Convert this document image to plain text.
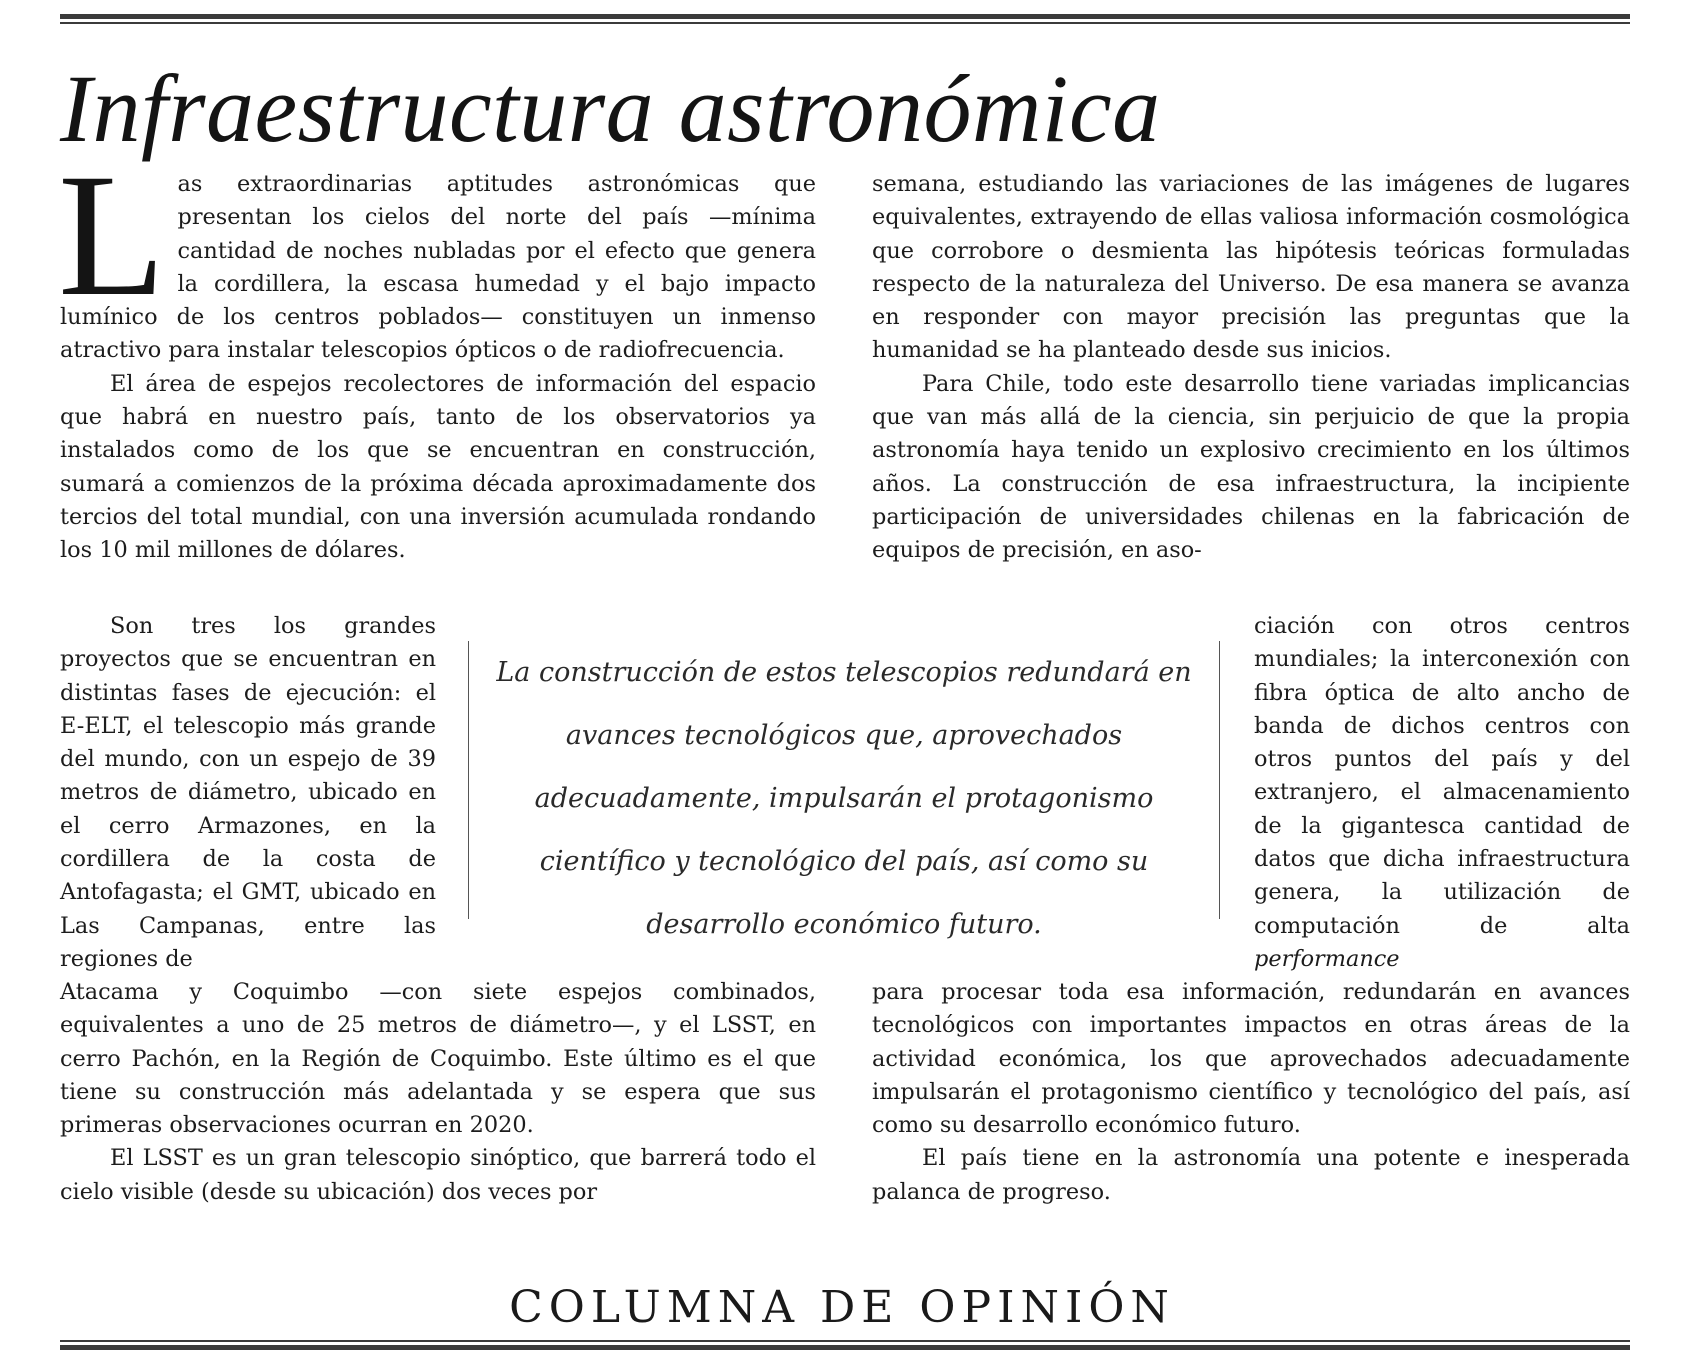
Infraestructura astronómica

Las extraordinarias aptitudes astronómicas que presentan los cielos del norte del país —mínima cantidad de noches nubladas por el efecto que genera la cordillera, la escasa humedad y el bajo impacto lumínico de los centros poblados— constituyen un inmenso atractivo para instalar telescopios ópticos o de radiofrecuencia.

El área de espejos recolectores de información del espacio que habrá en nuestro país, tanto de los observatorios ya instalados como de los que se encuentran en construcción, sumará a comienzos de la próxima década aproximadamente dos tercios del total mundial, con una inversión acumulada rondando los 10 mil millones de dólares.

Son tres los grandes proyectos que se encuentran en distintas fases de ejecución: el E-ELT, el telescopio más grande del mundo, con un espejo de 39 metros de diámetro, ubicado en el cerro Armazones, en la cordillera de la costa de Antofagasta; el GMT, ubicado en Las Campanas, entre las regiones de

Atacama y Coquimbo —con siete espejos combinados, equivalentes a uno de 25 metros de diámetro—, y el LSST, en cerro Pachón, en la Región de Coquimbo. Este último es el que tiene su construcción más adelantada y se espera que sus primeras observaciones ocurran en 2020.

El LSST es un gran telescopio sinóptico, que barrerá todo el cielo visible (desde su ubicación) dos veces por

semana, estudiando las variaciones de las imágenes de lugares equivalentes, extrayendo de ellas valiosa información cosmológica que corrobore o desmienta las hipótesis teóricas formuladas respecto de la naturaleza del Universo. De esa manera se avanza en responder con mayor precisión las preguntas que la humanidad se ha planteado desde sus inicios.

Para Chile, todo este desarrollo tiene variadas implicancias que van más allá de la ciencia, sin perjuicio de que la propia astronomía haya tenido un explosivo crecimiento en los últimos años. La construcción de esa infraestructura, la incipiente participación de universidades chilenas en la fabricación de equipos de precisión, en aso-

ciación con otros centros mundiales; la interconexión con fibra óptica de alto ancho de banda de dichos centros con otros puntos del país y del extranjero, el almacenamiento de la gigantesca cantidad de datos que dicha infraestructura genera, la utilización de computación de alta performance

para procesar toda esa información, redundarán en avances tecnológicos con importantes impactos en otras áreas de la actividad económica, los que aprovechados adecuadamente impulsarán el protagonismo científico y tecnológico del país, así como su desarrollo económico futuro.

El país tiene en la astronomía una potente e inesperada palanca de progreso.

La construcción de estos telescopios redundará en avances tecnológicos que, aprovechados adecuadamente, impulsarán el protagonismo científico y tecnológico del país, así como su desarrollo económico futuro.

COLUMNA DE OPINIÓN
